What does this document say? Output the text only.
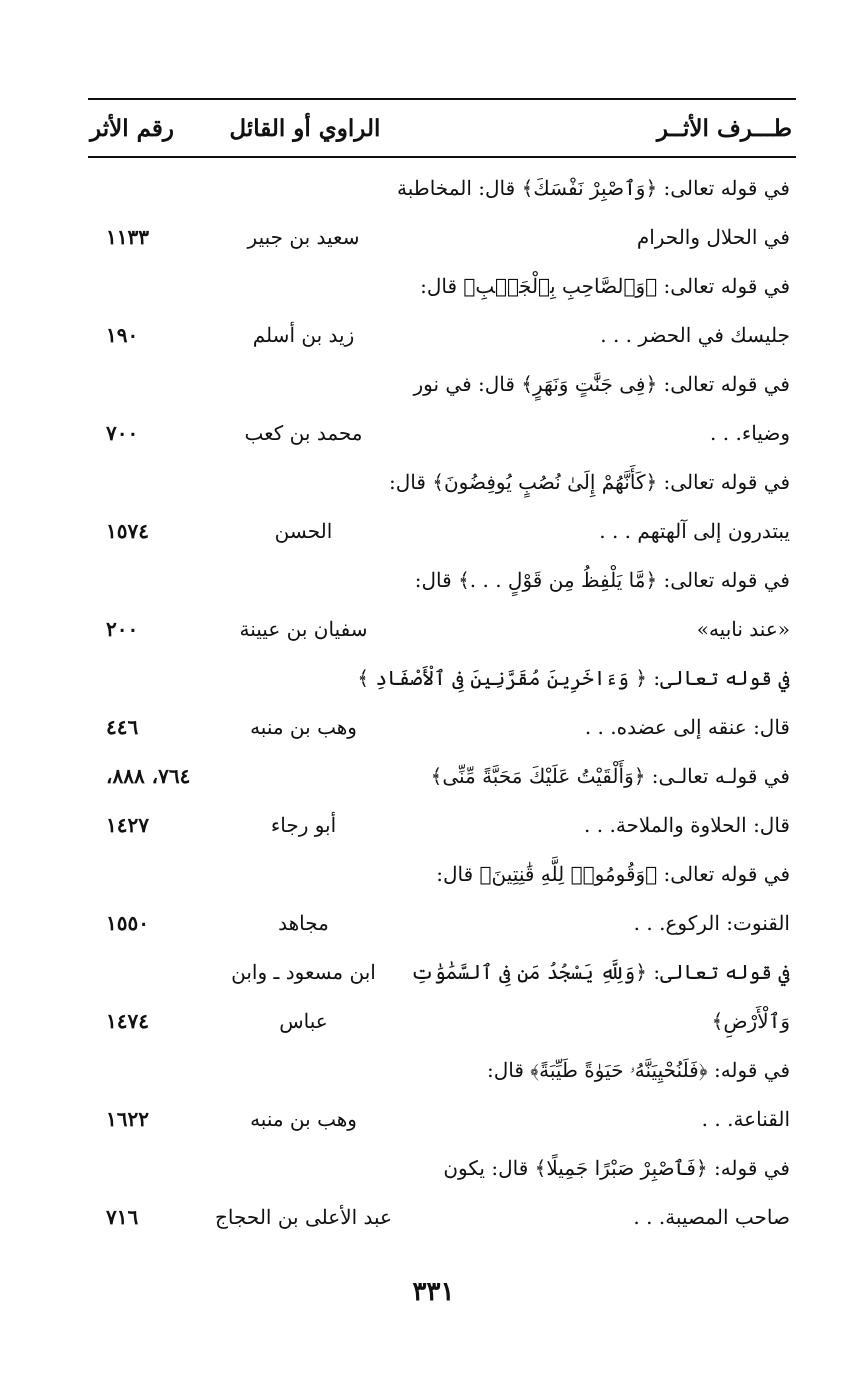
طـــرف الأثــر
الراوي أو القائل
رقم الأثر
في قوله تعالى: ﴿وَٱصْبِرْ نَفْسَكَ﴾ قال: المخاطبة
في الحلال والحرام
سعيد بن جبير
١١٣٣
في قوله تعالى: ﴿وَٱلصَّاحِبِ بِٱلْجَنۢبِ﴾ قال:
جليسك في الحضر . . .
زيد بن أسلم
١٩٠
في قوله تعالى: ﴿فِى جَنَّٰتٍ وَنَهَرٍ﴾ قال: في نور
وضياء. . .
محمد بن كعب
٧٠٠
في قوله تعالى: ﴿كَأَنَّهُمْ إِلَىٰ نُصُبٍ يُوفِضُونَ﴾ قال:
يبتدرون إلى آلهتهم . . .
الحسن
١٥٧٤
في قوله تعالى: ﴿مَّا يَلْفِظُ مِن قَوْلٍ . . .﴾ قال:
«عند نابيه»
سفيان بن عيينة
٢٠٠
في قوله تعالى: ﴿ وَءَاخَرِينَ مُقَرَّنِينَ فِى ٱلْأَصْفَادِ ﴾
قال: عنقه إلى عضده. . .
وهب بن منبه
٤٤٦
في قولـه تعالـى: ﴿وَأَلْقَيْتُ عَلَيْكَ مَحَبَّةً مِّنِّى﴾
قال: الحلاوة والملاحة. . .
أبو رجاء
٧٦٤، ٨٨٨،
١٤٢٧
في قوله تعالى: ﴿وَقُومُوا۟ لِلَّهِ قَٰنِتِينَ﴾ قال:
القنوت: الركوع. . .
مجاهد
١٥٥٠
في قوله تعالى: ﴿وَلِلَّهِ يَسْجُدُ مَن فِى ٱلسَّمَٰوَٰتِ
وَٱلْأَرْضِ﴾
ابن مسعود ـ وابن
عباس
١٤٧٤
في قوله: ﴿فَلَنُحْيِيَنَّهُۥ حَيَوٰةً طَيِّبَةً﴾ قال:
القناعة. . .
وهب بن منبه
١٦٢٢
في قوله: ﴿فَٱصْبِرْ صَبْرًا جَمِيلًا﴾ قال: يكون
صاحب المصيبة. . .
عبد الأعلى بن الحجاج
٧١٦
٣٣١
